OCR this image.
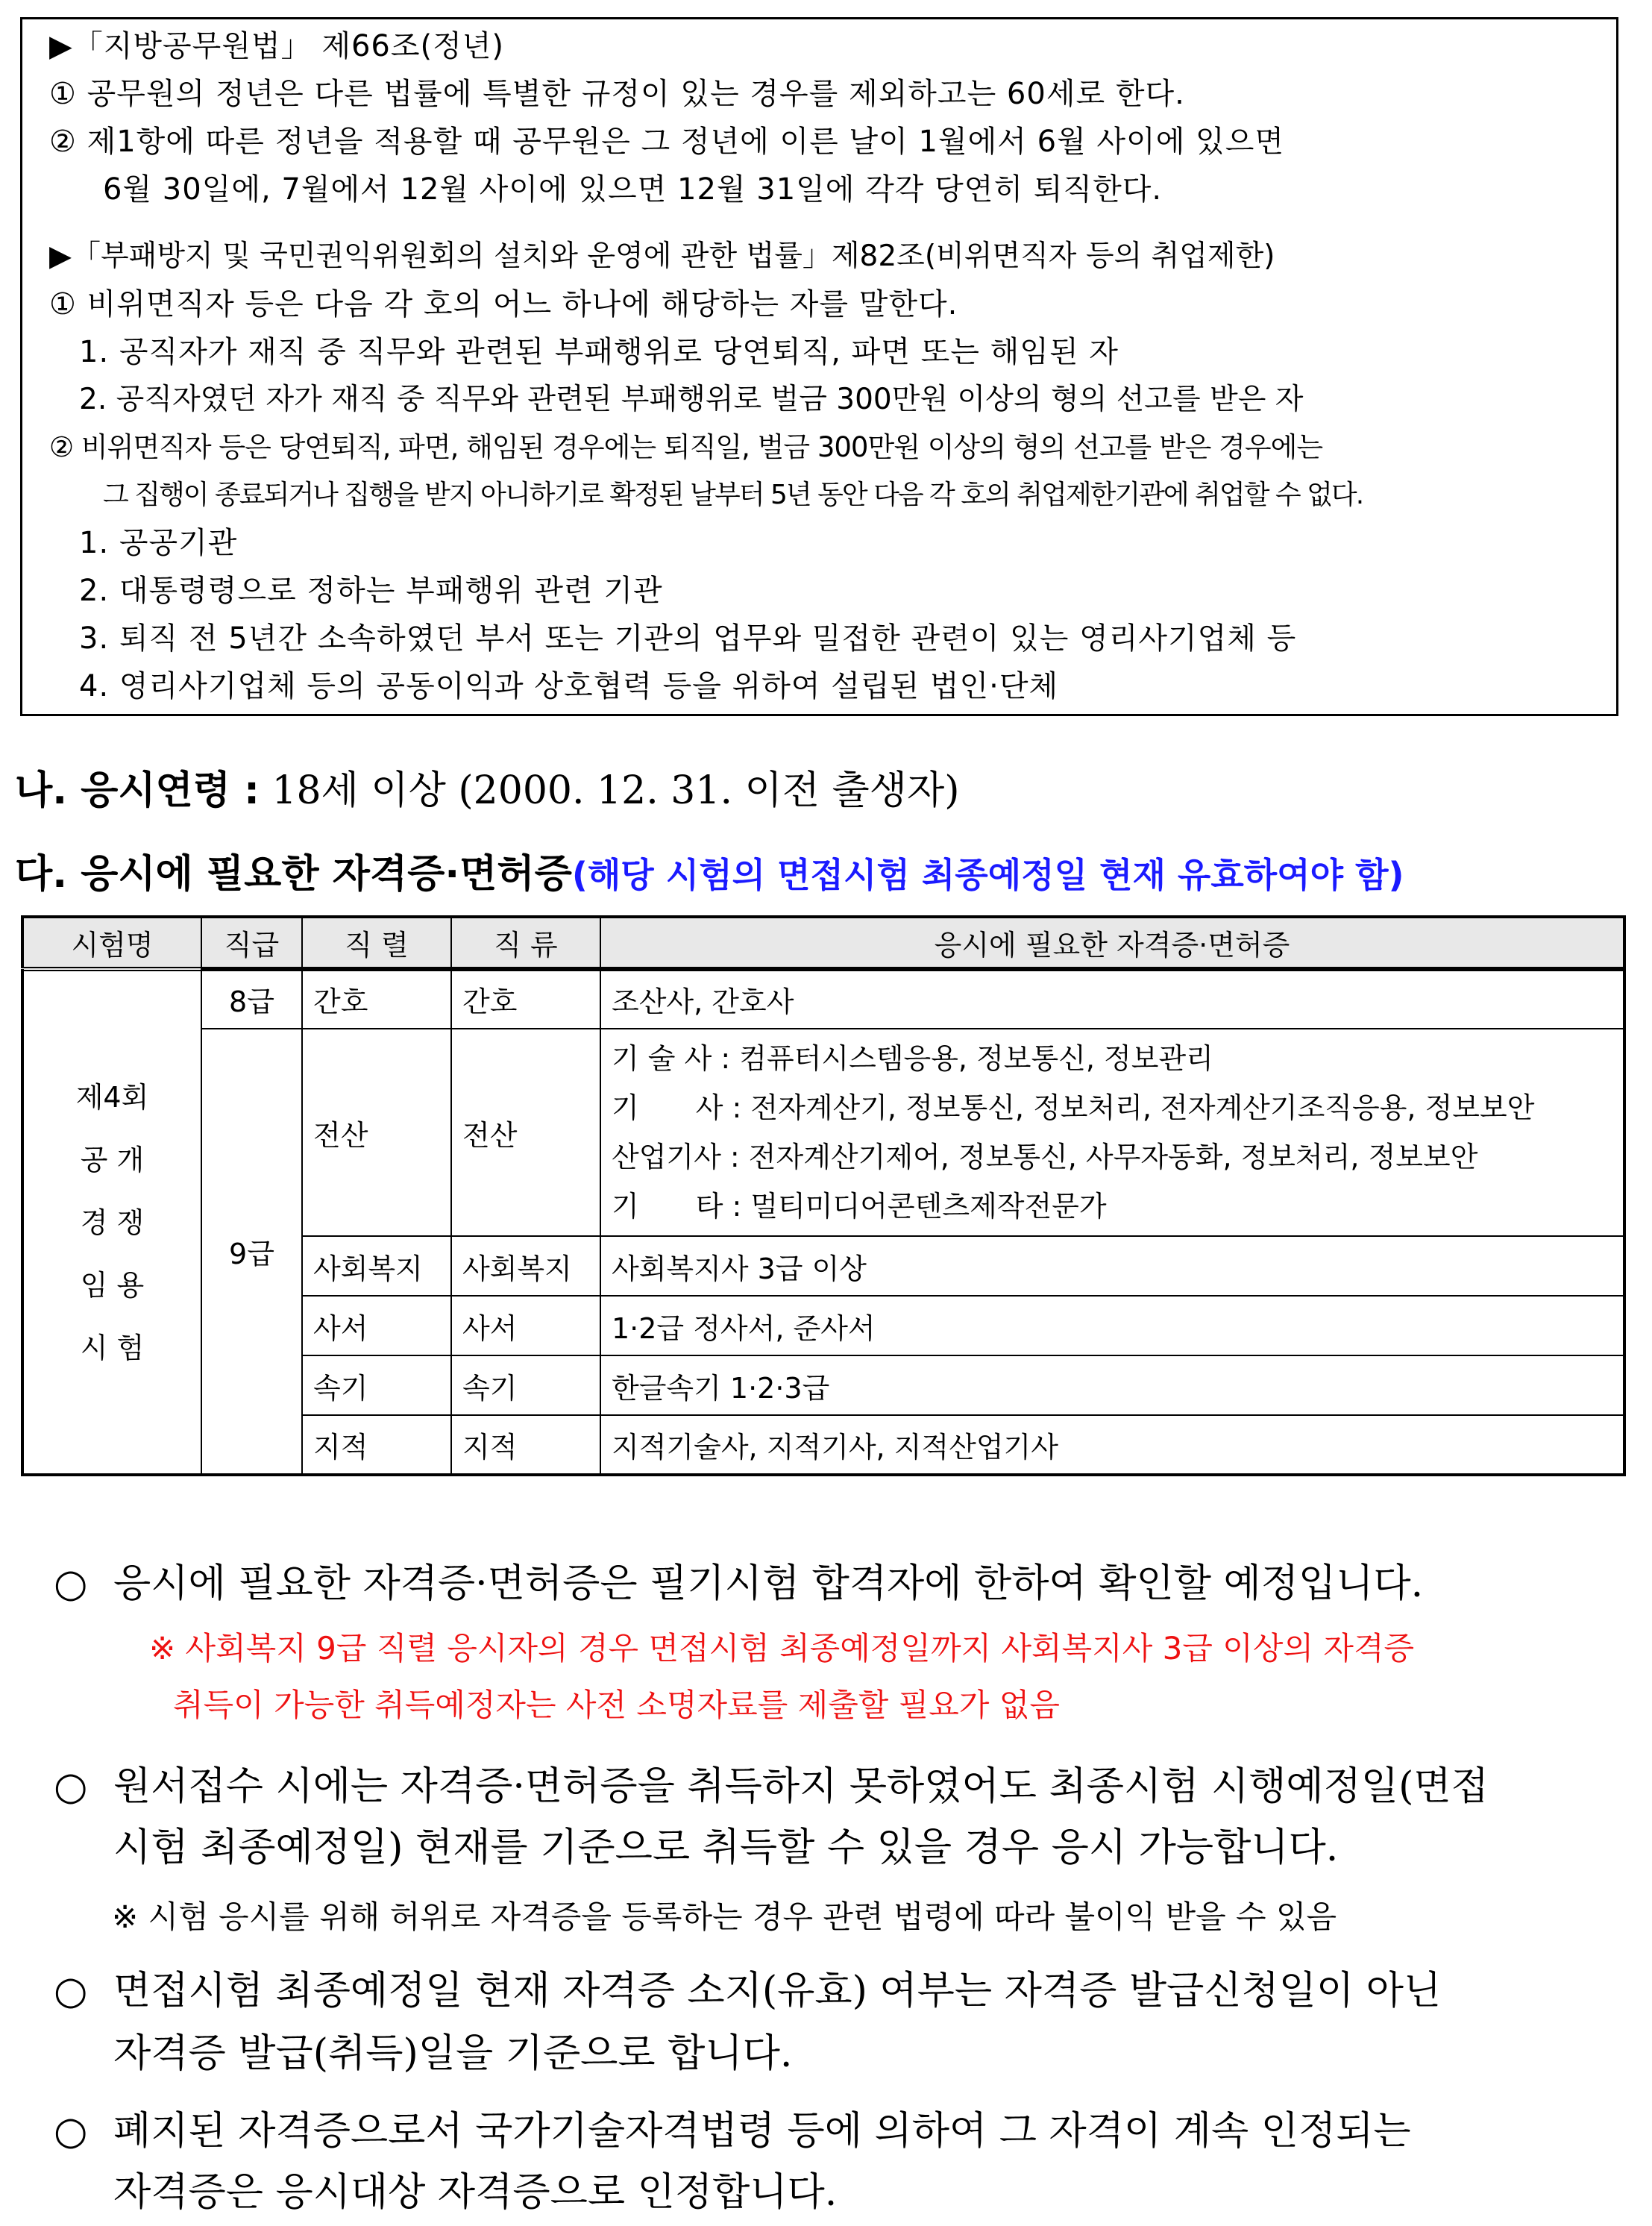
▶「지방공무원법」 제66조(정년)
① 공무원의 정년은 다른 법률에 특별한 규정이 있는 경우를 제외하고는 60세로 한다.
② 제1항에 따른 정년을 적용할 때 공무원은 그 정년에 이른 날이 1월에서 6월 사이에 있으면
6월 30일에, 7월에서 12월 사이에 있으면 12월 31일에 각각 당연히 퇴직한다.
▶「부패방지 및 국민권익위원회의 설치와 운영에 관한 법률」제82조(비위면직자 등의 취업제한)
① 비위면직자 등은 다음 각 호의 어느 하나에 해당하는 자를 말한다.
1. 공직자가 재직 중 직무와 관련된 부패행위로 당연퇴직, 파면 또는 해임된 자
2. 공직자였던 자가 재직 중 직무와 관련된 부패행위로 벌금 300만원 이상의 형의 선고를 받은 자
② 비위면직자 등은 당연퇴직, 파면, 해임된 경우에는 퇴직일, 벌금 300만원 이상의 형의 선고를 받은 경우에는
그 집행이 종료되거나 집행을 받지 아니하기로 확정된 날부터 5년 동안 다음 각 호의 취업제한기관에 취업할 수 없다.
1. 공공기관
2. 대통령령으로 정하는 부패행위 관련 기관
3. 퇴직 전 5년간 소속하였던 부서 또는 기관의 업무와 밀접한 관련이 있는 영리사기업체 등
4. 영리사기업체 등의 공동이익과 상호협력 등을 위하여 설립된 법인·단체
나. 응시연령 : 18세 이상 (2000. 12. 31. 이전 출생자)
다. 응시에 필요한 자격증·면허증(해당 시험의 면접시험 최종예정일 현재 유효하여야 함)
시험명	직급	직 렬	직 류	응시에 필요한 자격증·면허증

제4회
공 개
경 쟁
임 용
시 험				

	8급	간호	간호	조산사, 간호사
	9급	전산	전산	기 술 사 : 컴퓨터시스템응용, 정보통신, 정보관리
기　　사 : 전자계산기, 정보통신, 정보처리, 전자계산기조직응용, 정보보안
산업기사 : 전자계산기제어, 정보통신, 사무자동화, 정보처리, 정보보안
기　　타 : 멀티미디어콘텐츠제작전문가

		사회복지	사회복지	사회복지사 3급 이상
		사서	사서	1·2급 정사서, 준사서
		속기	속기	한글속기 1·2·3급
		지적	지적	지적기술사, 지적기사, 지적산업기사
○ 응시에 필요한 자격증·면허증은 필기시험 합격자에 한하여 확인할 예정입니다.
※ 사회복지 9급 직렬 응시자의 경우 면접시험 최종예정일까지 사회복지사 3급 이상의 자격증
취득이 가능한 취득예정자는 사전 소명자료를 제출할 필요가 없음
○ 원서접수 시에는 자격증·면허증을 취득하지 못하였어도 최종시험 시행예정일(면접
시험 최종예정일) 현재를 기준으로 취득할 수 있을 경우 응시 가능합니다.
※ 시험 응시를 위해 허위로 자격증을 등록하는 경우 관련 법령에 따라 불이익 받을 수 있음
○ 면접시험 최종예정일 현재 자격증 소지(유효) 여부는 자격증 발급신청일이 아닌
자격증 발급(취득)일을 기준으로 합니다.
○ 폐지된 자격증으로서 국가기술자격법령 등에 의하여 그 자격이 계속 인정되는
자격증은 응시대상 자격증으로 인정합니다.
